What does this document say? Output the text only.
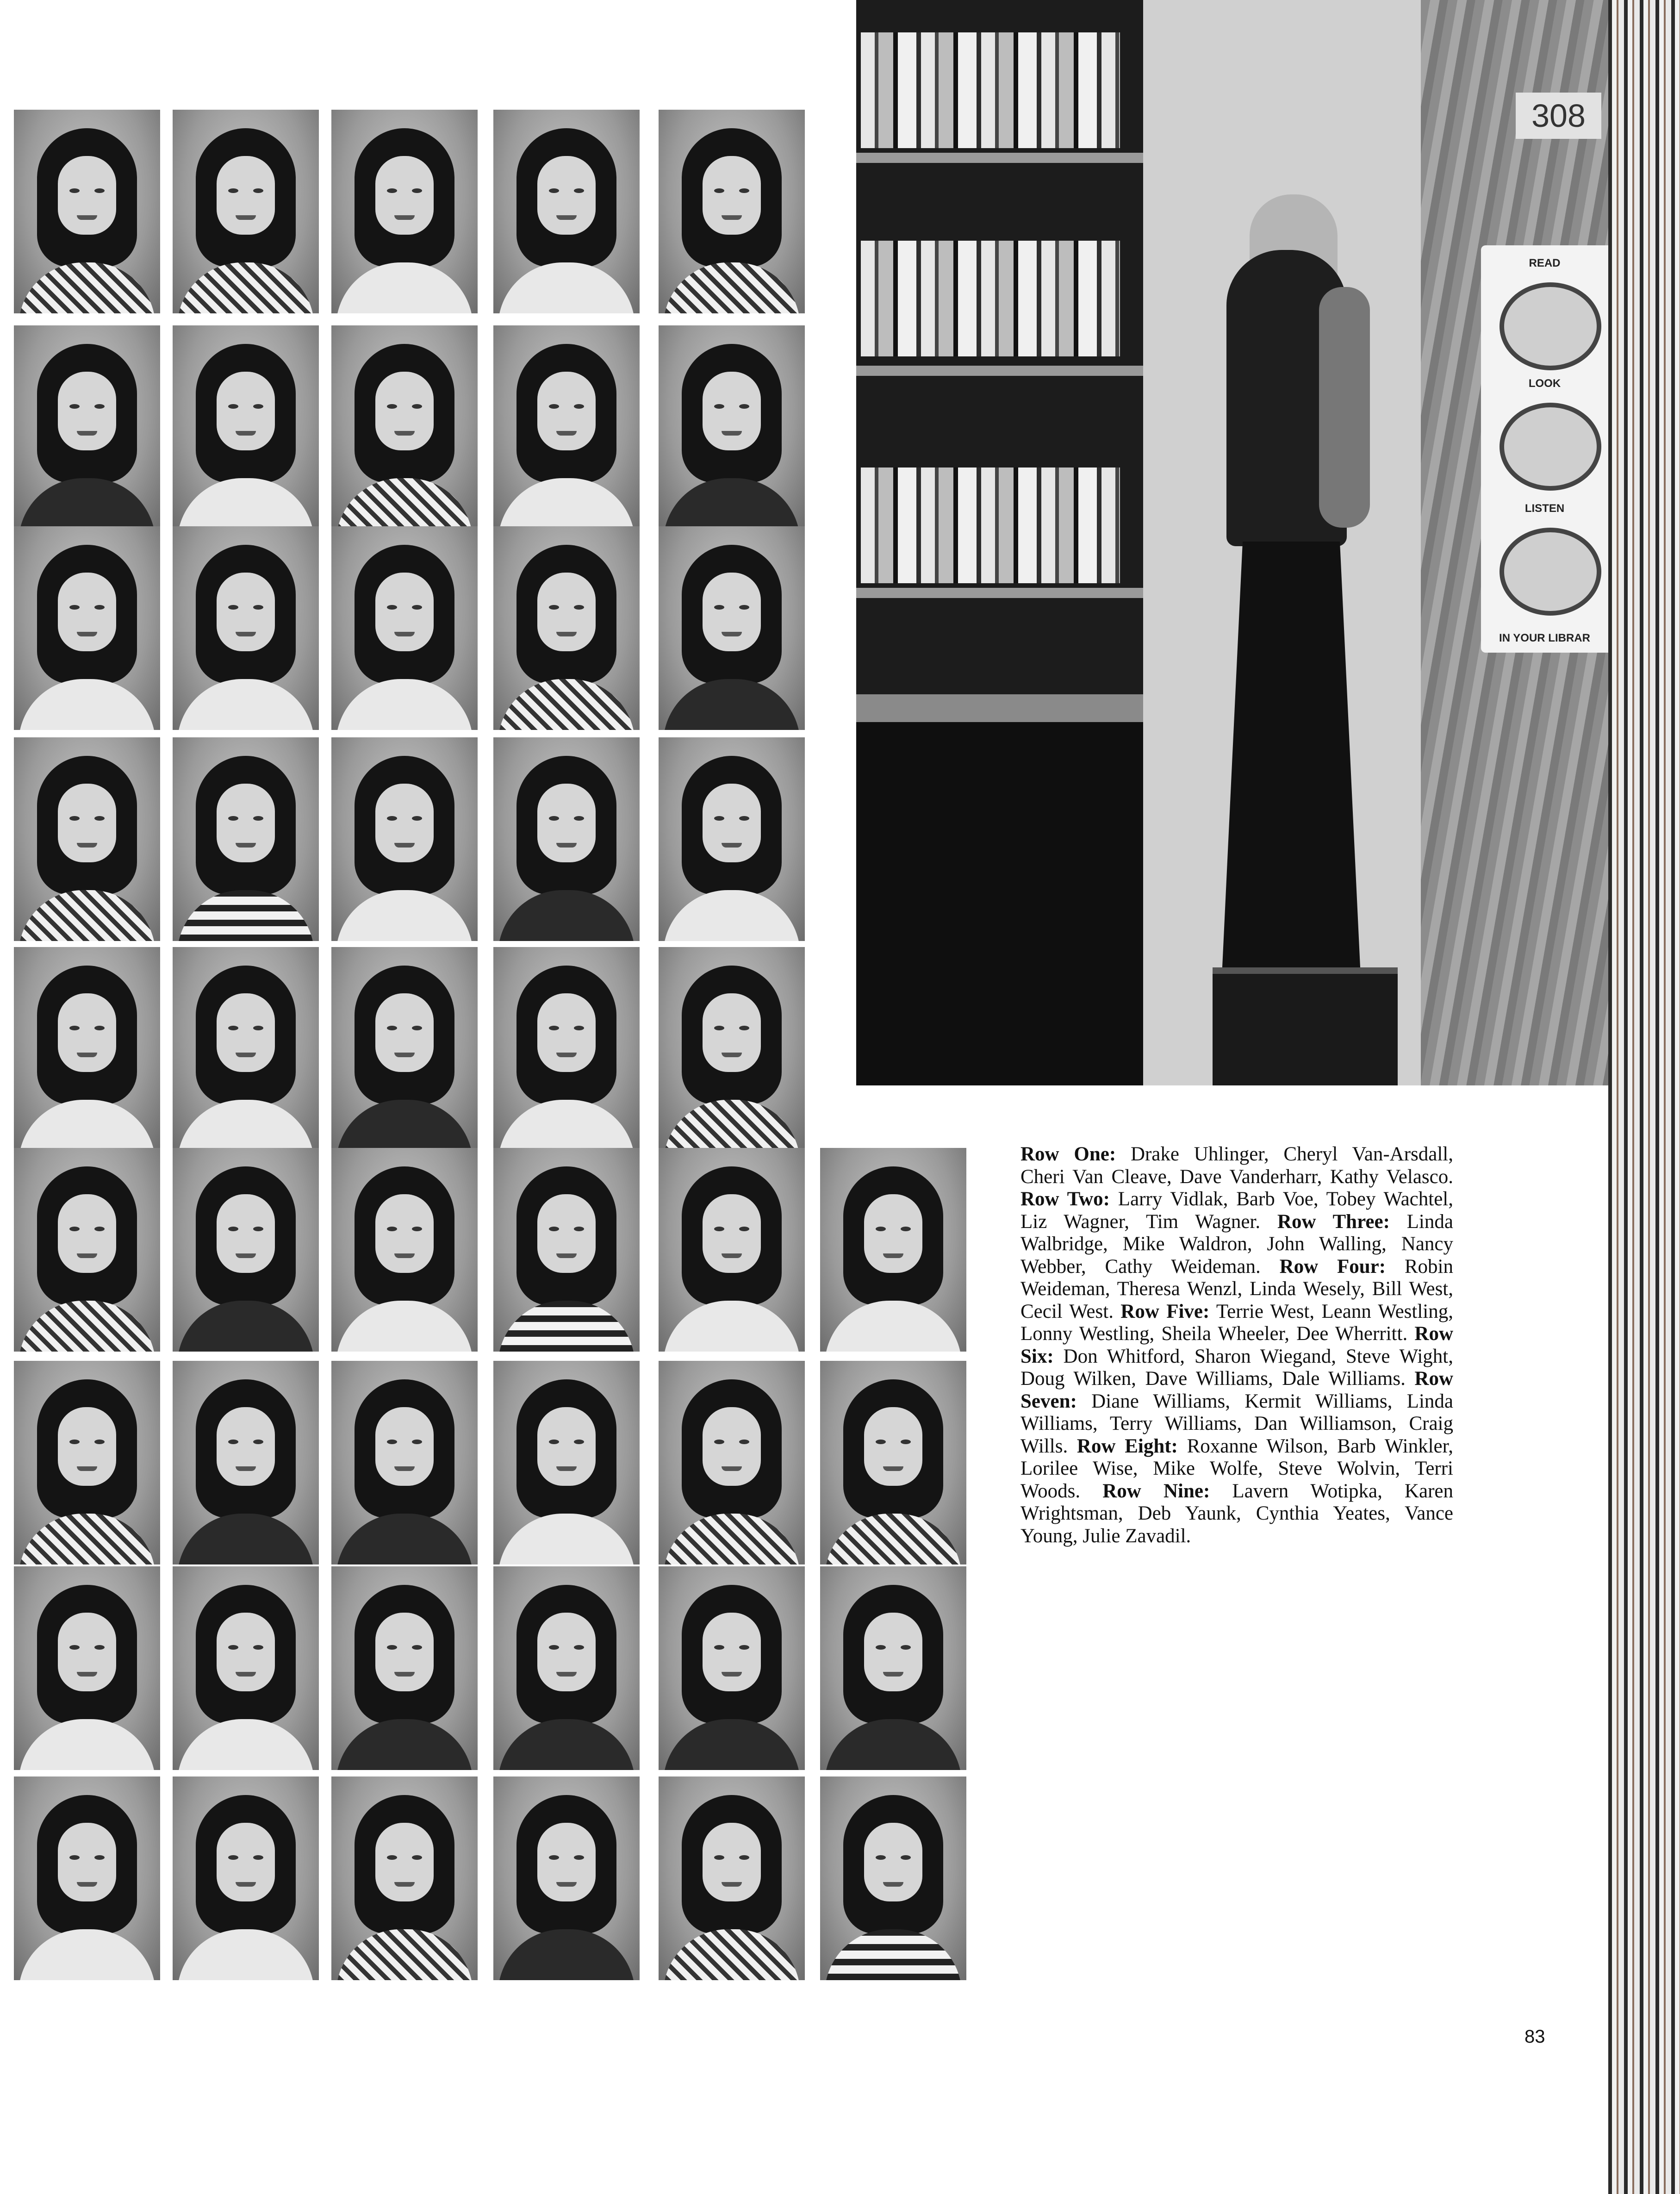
308
READ
LOOK
LISTEN
IN YOUR LIBRAR
Row One: Drake Uhlinger, Cheryl Van-Arsdall, Cheri Van Cleave, Dave Vanderharr, Kathy Velasco. Row Two: Larry Vidlak, Barb Voe, Tobey Wachtel, Liz Wagner, Tim Wagner. Row Three: Linda Walbridge, Mike Waldron, John Walling, Nancy Webber, Cathy Weideman. Row Four: Robin Weideman, Theresa Wenzl, Linda Wesely, Bill West, Cecil West. Row Five: Terrie West, Leann Westling, Lonny Westling, Sheila Wheeler, Dee Wherritt. Row Six: Don Whitford, Sharon Wiegand, Steve Wight, Doug Wilken, Dave Williams, Dale Williams. Row Seven: Diane Williams, Kermit Williams, Linda Williams, Terry Williams, Dan Williamson, Craig Wills. Row Eight: Roxanne Wilson, Barb Winkler, Lorilee Wise, Mike Wolfe, Steve Wolvin, Terri Woods. Row Nine: Lavern Wotipka, Karen Wrightsman, Deb Yaunk, Cynthia Yeates, Vance Young, Julie Zavadil.
83
